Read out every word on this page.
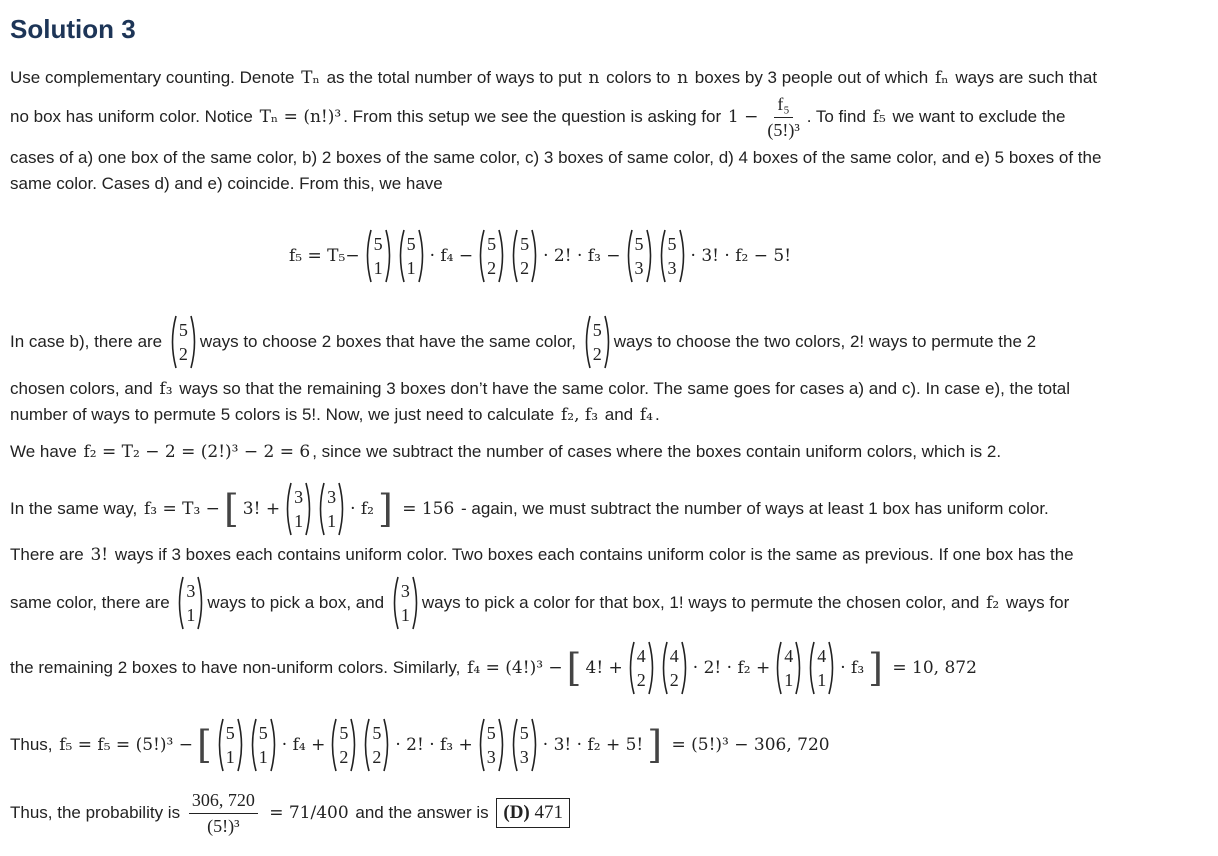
Solution 3
Use complementary counting. Denote Tₙ as the total number of ways to put n colors to n boxes by 3 people out of which fₙ ways are such that
no box has uniform color. Notice Tₙ = (n!)³ . From this setup we see the question is asking for $1 - \frac{\text{f₅}}{\text{(5!)³}}$ . To find f₅ we want to exclude the
cases of a) one box of the same color, b) 2 boxes of the same color, c) 3 boxes of same color, d) 4 boxes of the same color, and e) 5 boxes of the
same color. Cases d) and e) coincide. From this, we have
f₅ = T₅−
5
1
5
1
· f₄ −
5
2
5
2
· 2! · f₃ −
5
3
5
3
· 3! · f₂ − 5!
In case b), there are
5
2
ways to choose 2 boxes that have the same color,
5
2
ways to choose the two colors, 2! ways to permute the 2
chosen colors, and f₃ ways so that the remaining 3 boxes don’t have the same color. The same goes for cases a) and c). In case e), the total
number of ways to permute 5 colors is 5!. Now, we just need to calculate f₂, f₃ and f₄ .
We have f₂ = T₂ − 2 = (2!)³ − 2 = 6 , since we subtract the number of cases where the boxes contain uniform colors, which is 2.
In the same way, f₃ = T₃ − [ 3! +
3
1
3
1
· f₂ ] = 156 - again, we must subtract the number of ways at least 1 box has uniform color.
There are 3! ways if 3 boxes each contains uniform color. Two boxes each contains uniform color is the same as previous. If one box has the
same color, there are
3
1
ways to pick a box, and
3
1
ways to pick a color for that box, 1! ways to permute the chosen color, and f₂ ways for
the remaining 2 boxes to have non-uniform colors. Similarly, f₄ = (4!)³ − [ 4! +
4
2
4
2
· 2! · f₂ +
4
1
4
1
· f₃ ] = 10, 872
Thus, f₅ = f₅ = (5!)³ − [ 5
1
5
1
· f₄ +
5
2
5
2
· 2! · f₃ +
5
3
5
3
· 3! · f₂ + 5! ] = (5!)³ − 306, 720
Thus, the probability is $\frac{306, 720}{\text{(5!)³}} = 71/400$ and the answer is (D) 471
